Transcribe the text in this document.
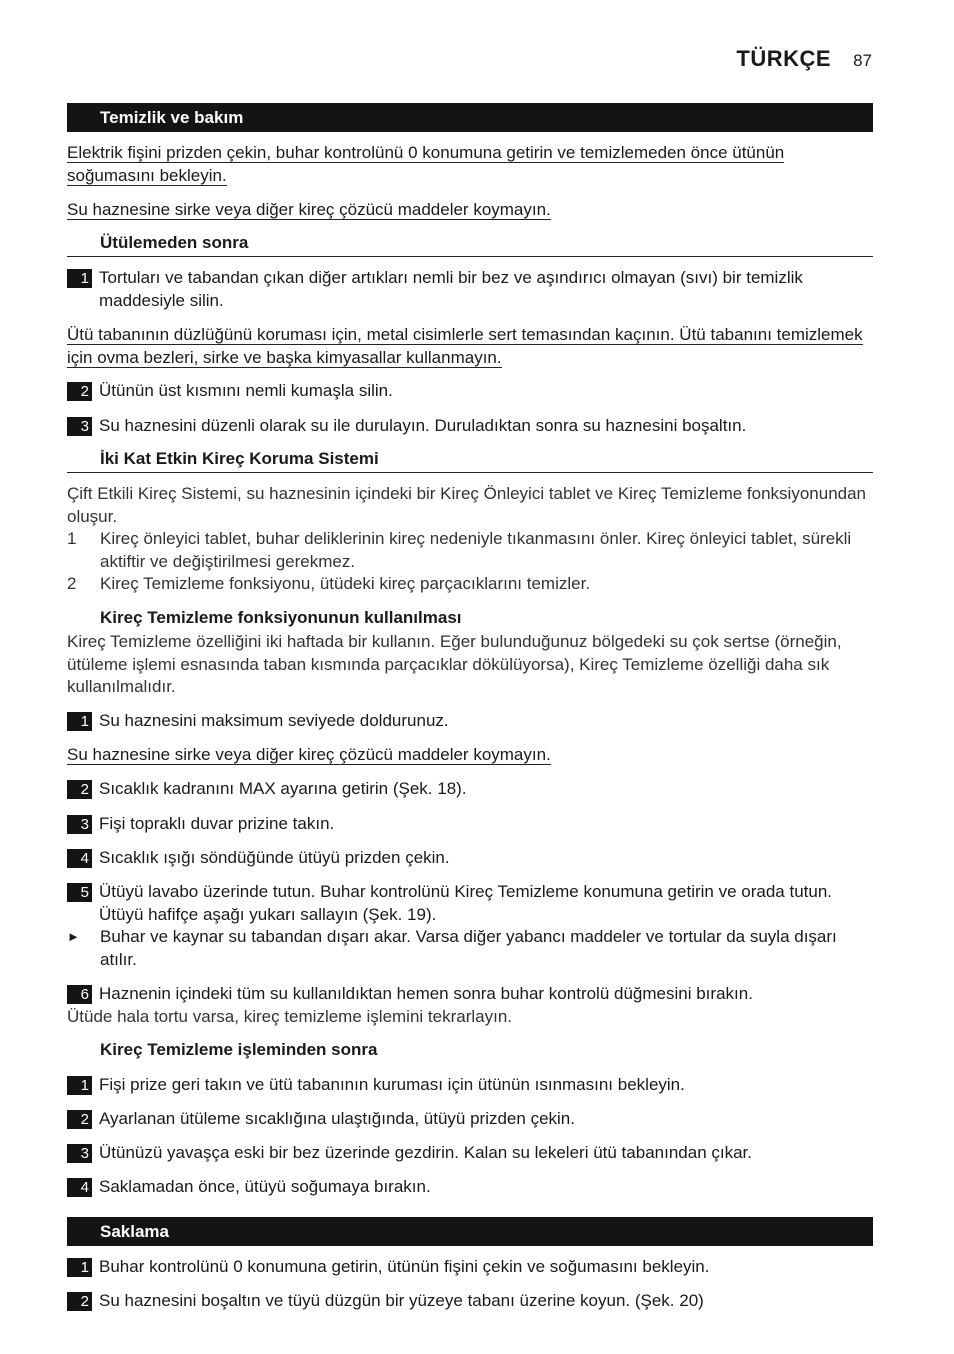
TÜRKÇE 87
Temizlik ve bakım
Elektrik fişini prizden çekin, buhar kontrolünü 0 konumuna getirin ve temizlemeden önce ütünün soğumasını bekleyin.
Su haznesine sirke veya diğer kireç çözücü maddeler koymayın.
Ütülemeden sonra
1 Tortuları ve tabandan çıkan diğer artıkları nemli bir bez ve aşındırıcı olmayan (sıvı) bir temizlik maddesiyle silin.
Ütü tabanının düzlüğünü koruması için, metal cisimlerle sert temasından kaçının. Ütü tabanını temizlemek için ovma bezleri, sirke ve başka kimyasallar kullanmayın.
2 Ütünün üst kısmını nemli kumaşla silin.
3 Su haznesini düzenli olarak su ile durulayın. Duruladıktan sonra su haznesini boşaltın.
İki Kat Etkin Kireç Koruma Sistemi
Çift Etkili Kireç Sistemi, su haznesinin içindeki bir Kireç Önleyici tablet ve Kireç Temizleme fonksiyonundan oluşur.
1	Kireç önleyici tablet, buhar deliklerinin kireç nedeniyle tıkanmasını önler. Kireç önleyici tablet, sürekli aktiftir ve değiştirilmesi gerekmez.
2	Kireç Temizleme fonksiyonu, ütüdeki kireç parçacıklarını temizler.
Kireç Temizleme fonksiyonunun kullanılması
Kireç Temizleme özelliğini iki haftada bir kullanın. Eğer bulunduğunuz bölgedeki su çok sertse (örneğin, ütüleme işlemi esnasında taban kısmında parçacıklar dökülüyorsa), Kireç Temizleme özelliği daha sık kullanılmalıdır.
1 Su haznesini maksimum seviyede doldurunuz.
Su haznesine sirke veya diğer kireç çözücü maddeler koymayın.
2 Sıcaklık kadranını MAX ayarına getirin (Şek. 18).
3 Fişi topraklı duvar prizine takın.
4 Sıcaklık ışığı söndüğünde ütüyü prizden çekin.
5 Ütüyü lavabo üzerinde tutun. Buhar kontrolünü Kireç Temizleme konumuna getirin ve orada tutun. Ütüyü hafifçe aşağı yukarı sallayın (Şek. 19).
►	Buhar ve kaynar su tabandan dışarı akar. Varsa diğer yabancı maddeler ve tortular da suyla dışarı atılır.
6 Haznenin içindeki tüm su kullanıldıktan hemen sonra buhar kontrolü düğmesini bırakın.
Ütüde hala tortu varsa, kireç temizleme işlemini tekrarlayın.
Kireç Temizleme işleminden sonra
1 Fişi prize geri takın ve ütü tabanının kuruması için ütünün ısınmasını bekleyin.
2 Ayarlanan ütüleme sıcaklığına ulaştığında, ütüyü prizden çekin.
3 Ütünüzü yavaşça eski bir bez üzerinde gezdirin. Kalan su lekeleri ütü tabanından çıkar.
4 Saklamadan önce, ütüyü soğumaya bırakın.
Saklama
1 Buhar kontrolünü 0 konumuna getirin, ütünün fişini çekin ve soğumasını bekleyin.
2 Su haznesini boşaltın ve tüyü düzgün bir yüzeye tabanı üzerine koyun. (Şek. 20)
